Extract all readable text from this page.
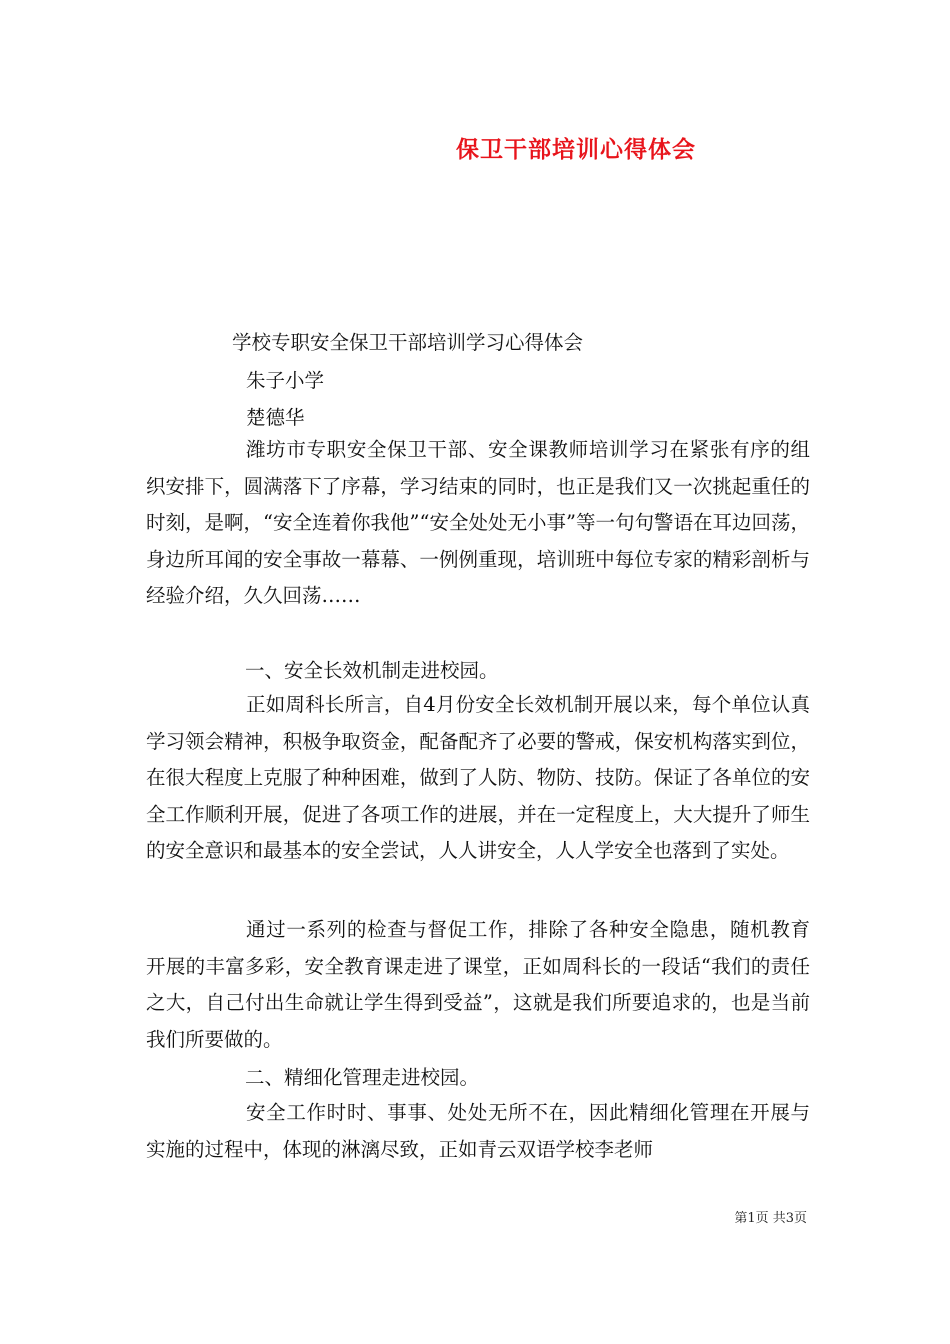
保卫干部培训心得体会
学校专职安全保卫干部培训学习心得体会
朱子小学
楚德华
潍坊市专职安全保卫干部、安全课教师培训学习在紧张有序的组织安排下，圆满落下了序幕，学习结束的同时，也正是我们又一次挑起重任的时刻，是啊，“安全连着你我他”“安全处处无小事”等一句句警语在耳边回荡，身边所耳闻的安全事故一幕幕、一例例重现，培训班中每位专家的精彩剖析与经验介绍，久久回荡……
一、安全长效机制走进校园。
正如周科长所言，自4月份安全长效机制开展以来，每个单位认真学习领会精神，积极争取资金，配备配齐了必要的警戒，保安机构落实到位，在很大程度上克服了种种困难，做到了人防、物防、技防。保证了各单位的安全工作顺利开展，促进了各项工作的进展，并在一定程度上，大大提升了师生的安全意识和最基本的安全尝试，人人讲安全，人人学安全也落到了实处。
通过一系列的检查与督促工作，排除了各种安全隐患，随机教育开展的丰富多彩，安全教育课走进了课堂，正如周科长的一段话“我们的责任之大，自己付出生命就让学生得到受益”，这就是我们所要追求的，也是当前我们所要做的。
二、精细化管理走进校园。
安全工作时时、事事、处处无所不在，因此精细化管理在开展与实施的过程中，体现的淋漓尽致，正如青云双语学校李老师
第1页 共3页
